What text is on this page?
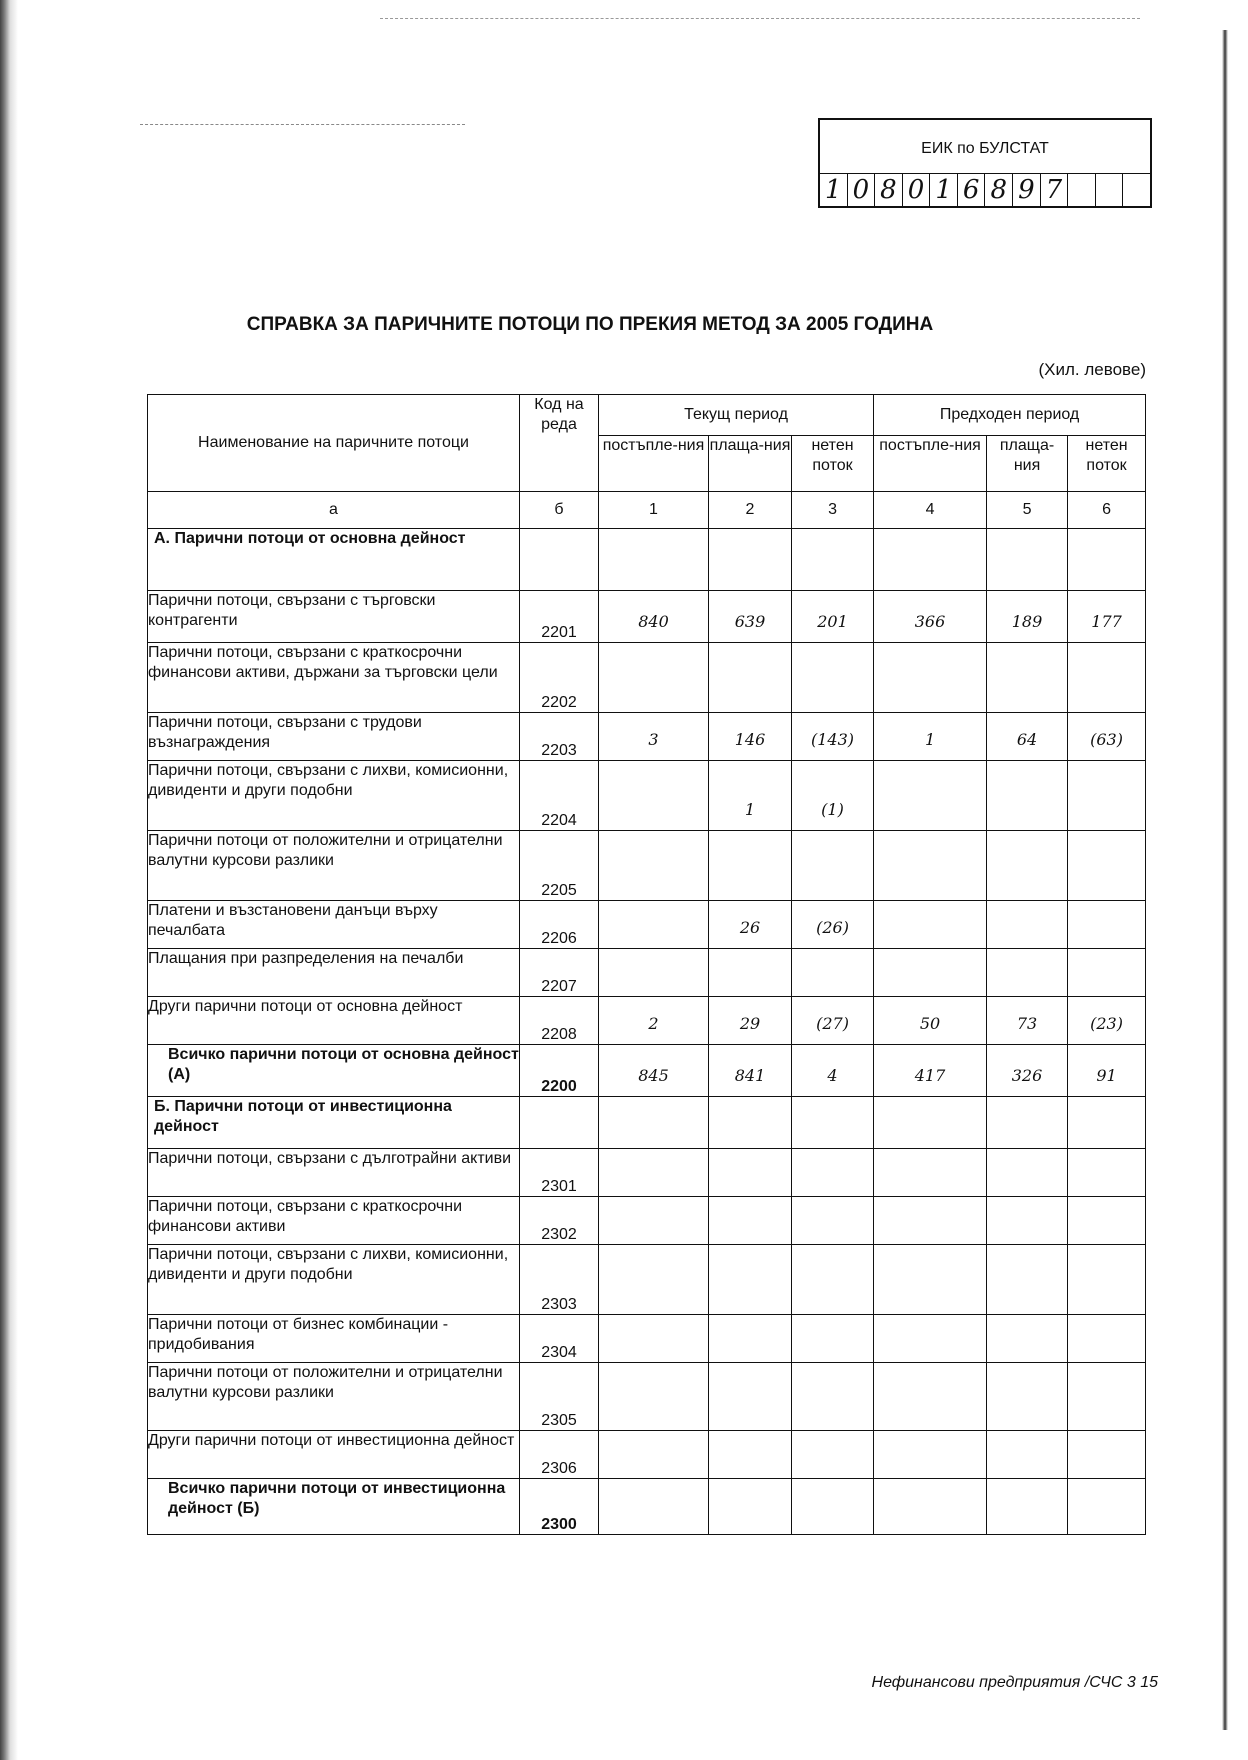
ЕИК по БУЛСТАТ
1 0 8 0 1 6 8 9 7
СПРАВКА ЗА ПАРИЧНИТЕ ПОТОЦИ ПО ПРЕКИЯ МЕТОД ЗА 2005 ГОДИНА
(Хил. левове)
Наименование на паричните потоци	Код на реда	Текущ период			Предходен период		
		постъпле-ния	плаща-ния	нетен поток	постъпле-ния	плаща-ния	нетен поток
а	б	1	2	3	4	5	6
А. Парични потоци от основна дейност							
Парични потоци, свързани с търговски контрагенти	2201	840	639	201	366	189	177
Парични потоци, свързани с краткосрочни финансови активи, държани за търговски цели	2202						
Парични потоци, свързани с трудови възнаграждения	2203	3	146	(143)	1	64	(63)
Парични потоци, свързани с лихви, комисионни, дивиденти и други подобни	2204		1	(1)			
Парични потоци от положителни и отрицателни валутни курсови разлики	2205						
Платени и възстановени данъци върху печалбата	2206		26	(26)			
Плащания при разпределения на печалби	2207						
Други парични потоци от основна дейност	2208	2	29	(27)	50	73	(23)
Всичко парични потоци от основна дейност (А)	2200	845	841	4	417	326	91
Б. Парични потоци от инвестиционна дейност							
Парични потоци, свързани с дълготрайни активи	2301						
Парични потоци, свързани с краткосрочни финансови активи	2302						
Парични потоци, свързани с лихви, комисионни, дивиденти и други подобни	2303						
Парични потоци от бизнес комбинации - придобивания	2304						
Парични потоци от положителни и отрицателни валутни курсови разлики	2305						
Други парични потоци от инвестиционна дейност	2306						
Всичко парични потоци от инвестиционна дейност (Б)	2300						
Нефинансови предприятия /СЧС 3 15
